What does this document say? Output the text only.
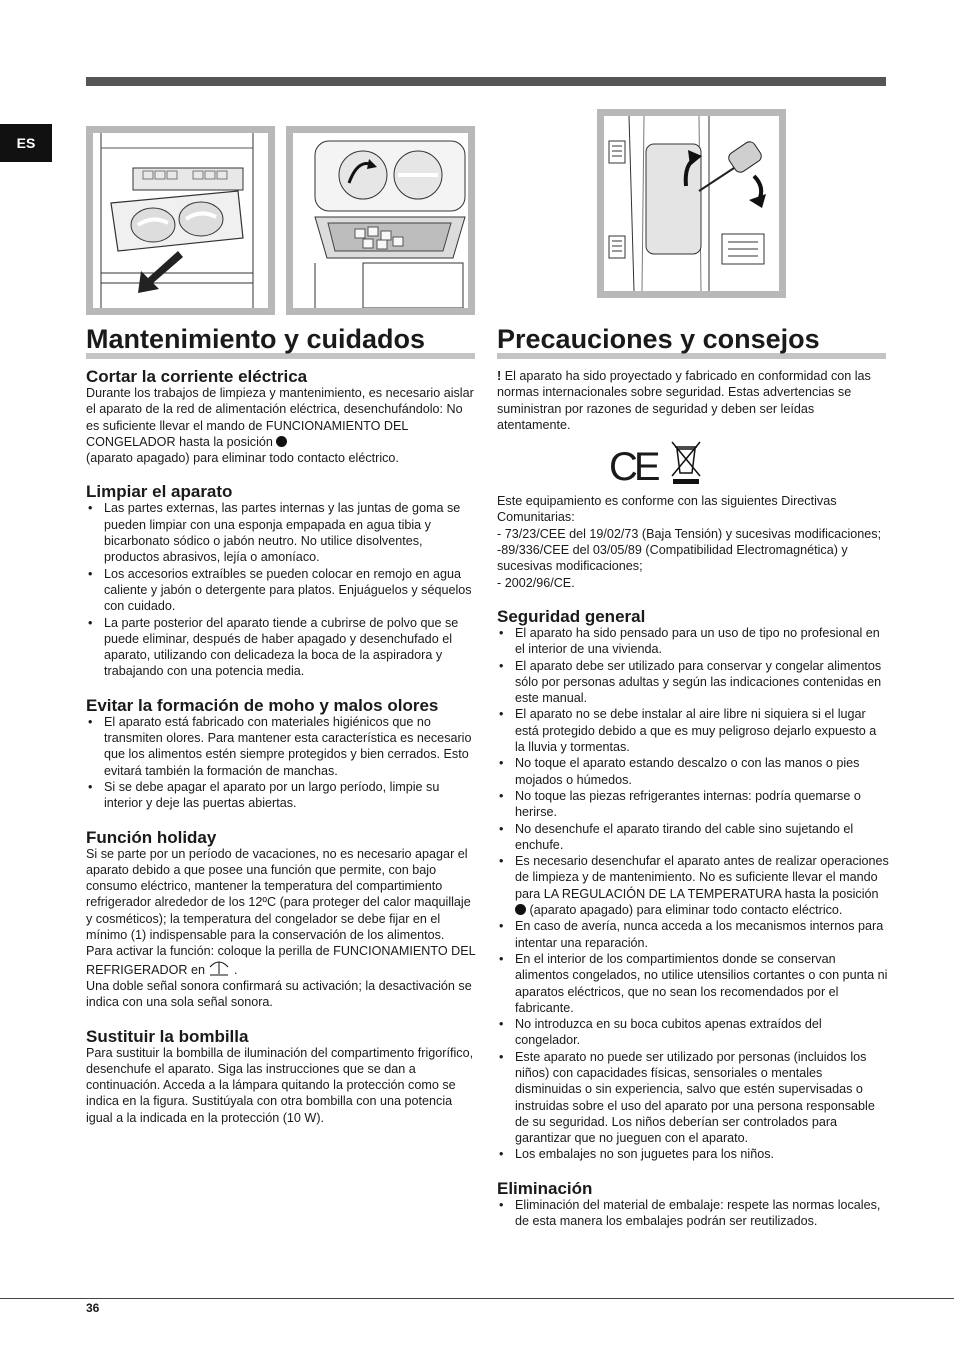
ES
Mantenimiento y cuidados
Cortar la corriente eléctrica

Durante los trabajos de limpieza y mantenimiento, es necesario aislar el aparato de la red de alimentación eléctrica, desenchufándolo: No es suficiente llevar el mando de FUNCIONAMIENTO DEL CONGELADOR hasta la posición
(aparato apagado) para eliminar todo contacto eléctrico.

Limpiar el aparato
• Las partes externas, las partes internas y las juntas de goma se pueden limpiar con una esponja empapada en agua tibia y bicarbonato sódico o jabón neutro. No utilice disolventes, productos abrasivos, lejía o amoníaco.
• Los accesorios extraíbles se pueden colocar en remojo en agua caliente y jabón o detergente para platos. Enjuáguelos y séquelos con cuidado.
• La parte posterior del aparato tiende a cubrirse de polvo que se puede eliminar, después de haber apagado y desenchufado el aparato, utilizando con delicadeza la boca de la aspiradora y trabajando con una potencia media.
Evitar la formación de moho y malos olores
• El aparato está fabricado con materiales higiénicos que no transmiten olores. Para mantener esta característica es necesario que los alimentos estén siempre protegidos y bien cerrados. Esto evitará también la formación de manchas.
• Si se debe apagar el aparato por un largo período, limpie su interior y deje las puertas abiertas.
Función holiday

Si se parte por un período de vacaciones, no es necesario apagar el aparato debido a que posee una función que permite, con bajo consumo eléctrico, mantener la temperatura del compartimiento refrigerador alrededor de los 12ºC (para proteger del calor maquillaje y cosméticos); la temperatura del congelador se debe fijar en el mínimo (1) indispensable para la conservación de los alimentos.

Para activar la función: coloque la perilla de FUNCIONAMIENTO DEL REFRIGERADOR en  .

Una doble señal sonora confirmará su activación; la desactivación se indica con una sola señal sonora.

Sustituir la bombilla

Para sustituir la bombilla de iluminación del compartimento frigorífico, desenchufe el aparato. Siga las instrucciones que se dan a continuación. Acceda a la lámpara quitando la protección como se indica en la figura. Sustitúyala con otra bombilla con una potencia igual a la indicada en la protección (10 W).

Precauciones y consejos

! El aparato ha sido proyectado y fabricado en conformidad con las normas internacionales sobre seguridad. Estas advertencias se suministran por razones de seguridad y deben ser leídas atentamente.

CE

Este equipamiento es conforme con las siguientes Directivas Comunitarias:

- 73/23/CEE del 19/02/73 (Baja Tensión) y sucesivas modificaciones;

-89/336/CEE del 03/05/89 (Compatibilidad Electromagnética) y sucesivas modificaciones;

- 2002/96/CE.

Seguridad general
• El aparato ha sido pensado para un uso de tipo no profesional en el interior de una vivienda.
• El aparato debe ser utilizado para conservar y congelar alimentos sólo por personas adultas y según las indicaciones contenidas en este manual.
• El aparato no se debe instalar al aire libre ni siquiera si el lugar está protegido debido a que es muy peligroso dejarlo expuesto a la lluvia y tormentas.
• No toque el aparato estando descalzo o con las manos o pies mojados o húmedos.
• No toque las piezas refrigerantes internas: podría quemarse o herirse.
• No desenchufe el aparato tirando del cable sino sujetando el enchufe.
• Es necesario desenchufar el aparato antes de realizar operaciones de limpieza y de mantenimiento. No es suficiente llevar el mando para LA REGULACIÓN DE LA TEMPERATURA hasta la posición  (aparato apagado) para eliminar todo contacto eléctrico.
• En caso de avería, nunca acceda a los mecanismos internos para intentar una reparación.
• En el interior de los compartimientos donde se conservan alimentos congelados, no utilice utensilios cortantes o con punta ni aparatos eléctricos, que no sean los recomendados por el fabricante.
• No introduzca en su boca cubitos apenas extraídos del congelador.
• Este aparato no puede ser utilizado por personas (incluidos los niños) con capacidades físicas, sensoriales o mentales disminuidas o sin experiencia, salvo que estén supervisadas o instruidas sobre el uso del aparato por una persona responsable de su seguridad. Los niños deberían ser controlados para garantizar que no jueguen con el aparato.
• Los embalajes no son juguetes para los niños.
Eliminación
• Eliminación del material de embalaje: respete las normas locales, de esta manera los embalajes podrán ser reutilizados.
36
